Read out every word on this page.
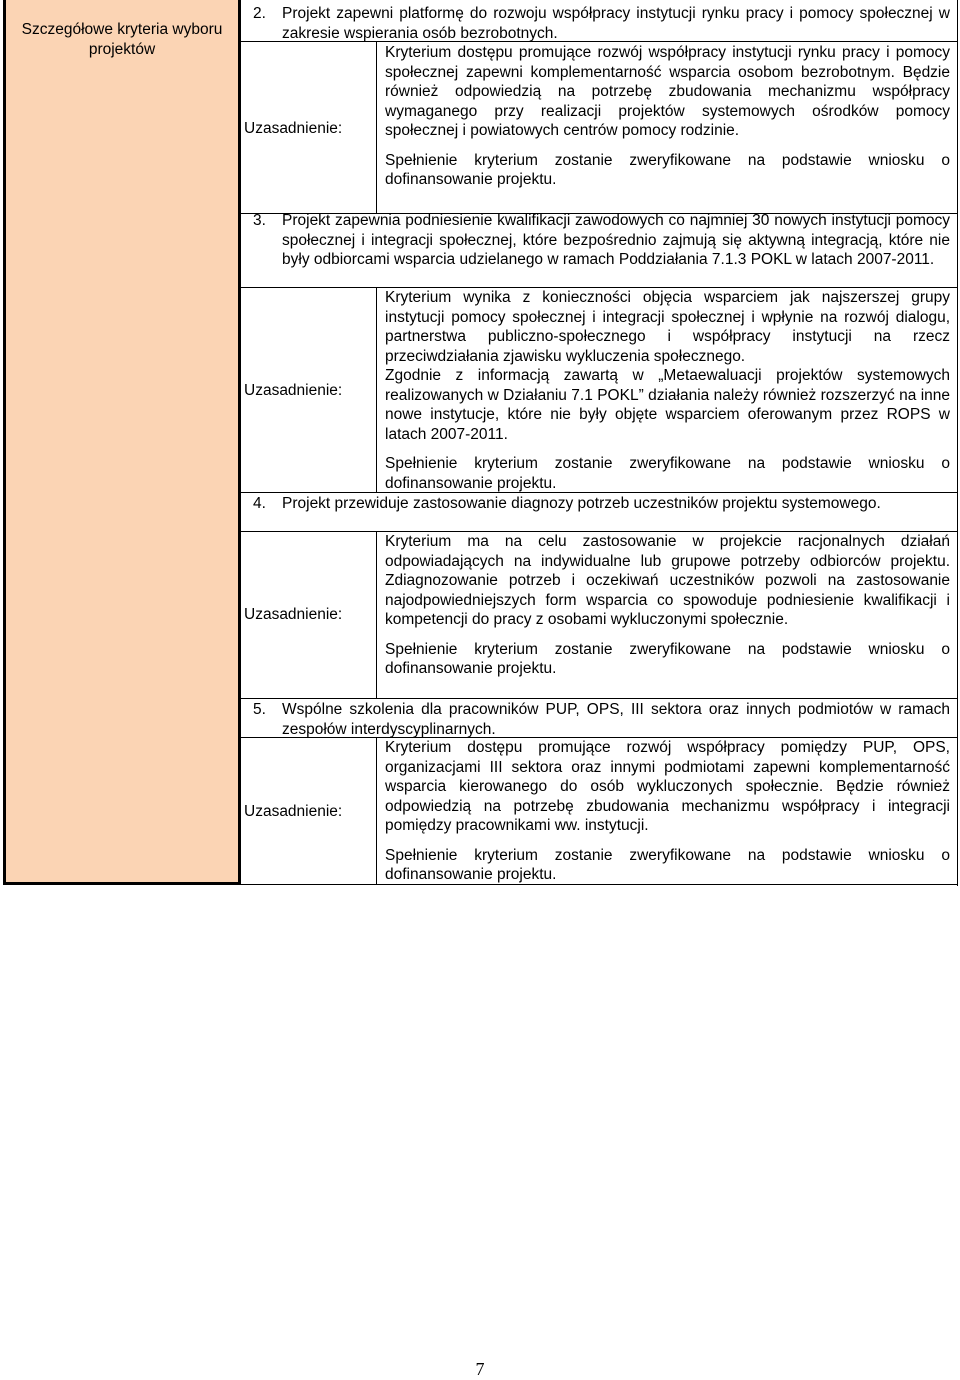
Szczegółowe kryteria wyboru projektów
2. Projekt zapewni platformę do rozwoju współpracy instytucji rynku pracy i pomocy społecznej w zakresie wspierania osób bezrobotnych.
Uzasadnienie:

Kryterium dostępu promujące rozwój współpracy instytucji rynku pracy i pomocy społecznej zapewni komplementarność wsparcia osobom bezrobotnym. Będzie również odpowiedzią na potrzebę zbudowania mechanizmu współpracy wymaganego przy realizacji projektów systemowych ośrodków pomocy społecznej i powiatowych centrów pomocy rodzinie.

Spełnienie kryterium zostanie zweryfikowane na podstawie wniosku o dofinansowanie projektu.

3. Projekt zapewnia podniesienie kwalifikacji zawodowych co najmniej 30 nowych instytucji pomocy społecznej i integracji społecznej, które bezpośrednio zajmują się aktywną integracją, które nie były odbiorcami wsparcia udzielanego w ramach Poddziałania 7.1.3 POKL w latach 2007-2011.
Uzasadnienie:

Kryterium wynika z konieczności objęcia wsparciem jak najszerszej grupy instytucji pomocy społecznej i integracji społecznej i wpłynie na rozwój dialogu, partnerstwa publiczno-społecznego i współpracy instytucji na rzecz przeciwdziałania zjawisku wykluczenia społecznego.

Zgodnie z informacją zawartą w „Metaewaluacji projektów systemowych realizowanych w Działaniu 7.1 POKL” działania należy również rozszerzyć na inne nowe instytucje, które nie były objęte wsparciem oferowanym przez ROPS w latach 2007-2011.

Spełnienie kryterium zostanie zweryfikowane na podstawie wniosku o dofinansowanie projektu.

4. Projekt przewiduje zastosowanie diagnozy potrzeb uczestników projektu systemowego.
Uzasadnienie:

Kryterium ma na celu zastosowanie w projekcie racjonalnych działań odpowiadających na indywidualne lub grupowe potrzeby odbiorców projektu. Zdiagnozowanie potrzeb i oczekiwań uczestników pozwoli na zastosowanie najodpowiedniejszych form wsparcia co spowoduje podniesienie kwalifikacji i kompetencji do pracy z osobami wykluczonymi społecznie.

Spełnienie kryterium zostanie zweryfikowane na podstawie wniosku o dofinansowanie projektu.

5. Wspólne szkolenia dla pracowników PUP, OPS, III sektora oraz innych podmiotów w ramach zespołów interdyscyplinarnych.
Uzasadnienie:

Kryterium dostępu promujące rozwój współpracy pomiędzy PUP, OPS, organizacjami III sektora oraz innymi podmiotami zapewni komplementarność wsparcia kierowanego do osób wykluczonych społecznie. Będzie również odpowiedzią na potrzebę zbudowania mechanizmu współpracy i integracji pomiędzy pracownikami ww. instytucji.

Spełnienie kryterium zostanie zweryfikowane na podstawie wniosku o dofinansowanie projektu.

7
